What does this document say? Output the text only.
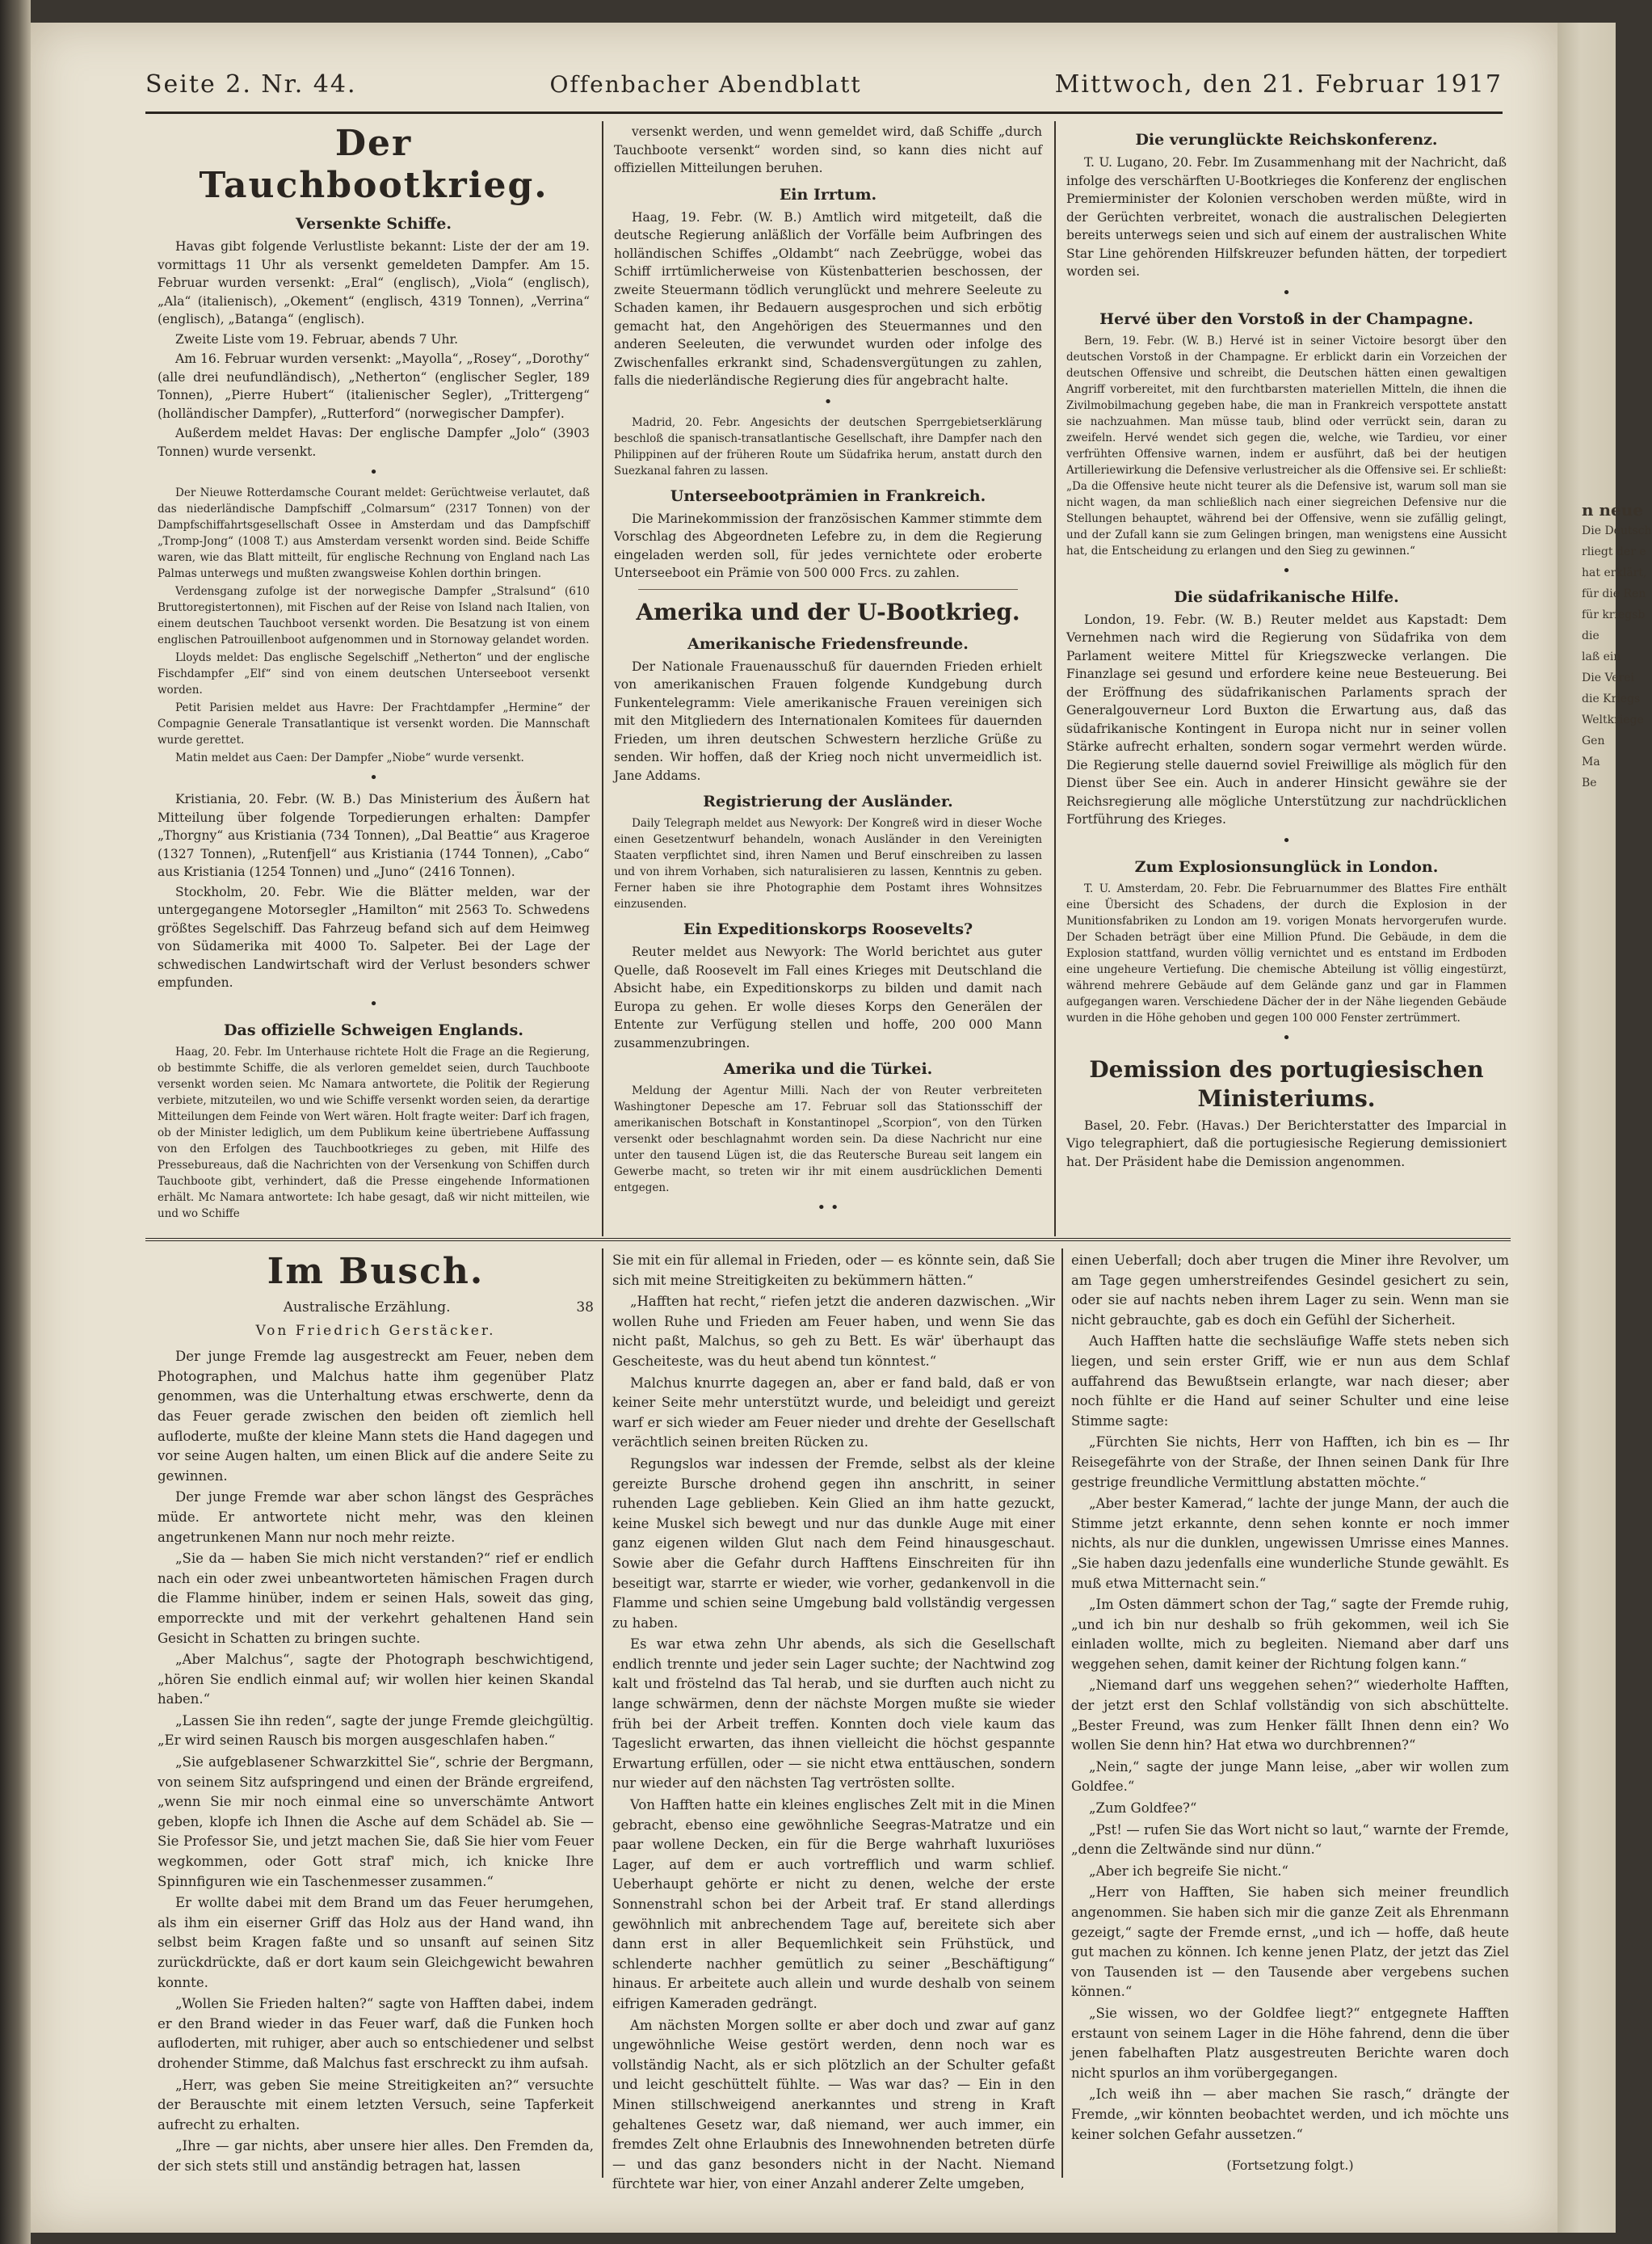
Seite 2. Nr. 44.	Offenbacher Abendblatt	Mittwoch, den 21. Februar 1917
Der Tauchbootkrieg.
Versenkte Schiffe.

Havas gibt folgende Verlustliste bekannt: Liste der der am 19. vormittags 11 Uhr als versenkt gemeldeten Dampfer. Am 15. Februar wurden versenkt: „Eral“ (englisch), „Viola“ (englisch), „Ala“ (italienisch), „Okement“ (englisch, 4319 Tonnen), „Verrina“ (englisch), „Batanga“ (englisch).

Zweite Liste vom 19. Februar, abends 7 Uhr.

Am 16. Februar wurden versenkt: „Mayolla“, „Rosey“, „Dorothy“ (alle drei neufundländisch), „Netherton“ (englischer Segler, 189 Tonnen), „Pierre Hubert“ (italienischer Segler), „Trittergeng“ (holländischer Dampfer), „Rutterford“ (norwegischer Dampfer).

Außerdem meldet Havas: Der englische Dampfer „Jolo“ (3903 Tonnen) wurde versenkt.

•

Der Nieuwe Rotterdamsche Courant meldet: Gerüchtweise verlautet, daß das niederländische Dampfschiff „Colmarsum“ (2317 Tonnen) von der Dampfschiffahrtsgesellschaft Ossee in Amsterdam und das Dampfschiff „Tromp-Jong“ (1008 T.) aus Amsterdam versenkt worden sind. Beide Schiffe waren, wie das Blatt mitteilt, für englische Rechnung von England nach Las Palmas unterwegs und mußten zwangsweise Kohlen dorthin bringen.

Verdensgang zufolge ist der norwegische Dampfer „Stralsund“ (610 Bruttoregistertonnen), mit Fischen auf der Reise von Island nach Italien, von einem deutschen Tauchboot versenkt worden. Die Besatzung ist von einem englischen Patrouillenboot aufgenommen und in Stornoway gelandet worden.

Lloyds meldet: Das englische Segelschiff „Netherton“ und der englische Fischdampfer „Elf“ sind von einem deutschen Unterseeboot versenkt worden.

Petit Parisien meldet aus Havre: Der Frachtdampfer „Hermine“ der Compagnie Generale Transatlantique ist versenkt worden. Die Mannschaft wurde gerettet.

Matin meldet aus Caen: Der Dampfer „Niobe“ wurde versenkt.

•

Kristiania, 20. Febr. (W. B.) Das Ministerium des Äußern hat Mitteilung über folgende Torpedierungen erhalten: Dampfer „Thorgny“ aus Kristiania (734 Tonnen), „Dal Beattie“ aus Krageroe (1327 Tonnen), „Rutenfjell“ aus Kristiania (1744 Tonnen), „Cabo“ aus Kristiania (1254 Tonnen) und „Juno“ (2416 Tonnen).

Stockholm, 20. Febr. Wie die Blätter melden, war der untergegangene Motorsegler „Hamilton“ mit 2563 To. Schwedens größtes Segelschiff. Das Fahrzeug befand sich auf dem Heimweg von Südamerika mit 4000 To. Salpeter. Bei der Lage der schwedischen Landwirtschaft wird der Verlust besonders schwer empfunden.

•
Das offizielle Schweigen Englands.

Haag, 20. Febr. Im Unterhause richtete Holt die Frage an die Regierung, ob bestimmte Schiffe, die als verloren gemeldet seien, durch Tauchboote versenkt worden seien. Mc Namara antwortete, die Politik der Regierung verbiete, mitzuteilen, wo und wie Schiffe versenkt worden seien, da derartige Mitteilungen dem Feinde von Wert wären. Holt fragte weiter: Darf ich fragen, ob der Minister lediglich, um dem Publikum keine übertriebene Auffassung von den Erfolgen des Tauchbootkrieges zu geben, mit Hilfe des Pressebureaus, daß die Nachrichten von der Versenkung von Schiffen durch Tauchboote gibt, verhindert, daß die Presse eingehende Informationen erhält. Mc Namara antwortete: Ich habe gesagt, daß wir nicht mitteilen, wie und wo Schiffe

versenkt werden, und wenn gemeldet wird, daß Schiffe „durch Tauchboote versenkt“ worden sind, so kann dies nicht auf offiziellen Mitteilungen beruhen.

Ein Irrtum.

Haag, 19. Febr. (W. B.) Amtlich wird mitgeteilt, daß die deutsche Regierung anläßlich der Vorfälle beim Aufbringen des holländischen Schiffes „Oldambt“ nach Zeebrügge, wobei das Schiff irrtümlicherweise von Küstenbatterien beschossen, der zweite Steuermann tödlich verunglückt und mehrere Seeleute zu Schaden kamen, ihr Bedauern ausgesprochen und sich erbötig gemacht hat, den Angehörigen des Steuermannes und den anderen Seeleuten, die verwundet wurden oder infolge des Zwischenfalles erkrankt sind, Schadensvergütungen zu zahlen, falls die niederländische Regierung dies für angebracht halte.

•

Madrid, 20. Febr. Angesichts der deutschen Sperrgebietserklärung beschloß die spanisch-transatlantische Gesellschaft, ihre Dampfer nach den Philippinen auf der früheren Route um Südafrika herum, anstatt durch den Suezkanal fahren zu lassen.

Unterseebootprämien in Frankreich.

Die Marinekommission der französischen Kammer stimmte dem Vorschlag des Abgeordneten Lefebre zu, in dem die Regierung eingeladen werden soll, für jedes vernichtete oder eroberte Unterseeboot ein Prämie von 500 000 Frcs. zu zahlen.

Amerika und der U-Bootkrieg.
Amerikanische Friedensfreunde.

Der Nationale Frauenausschuß für dauernden Frieden erhielt von amerikanischen Frauen folgende Kundgebung durch Funkentelegramm: Viele amerikanische Frauen vereinigen sich mit den Mitgliedern des Internationalen Komitees für dauernden Frieden, um ihren deutschen Schwestern herzliche Grüße zu senden. Wir hoffen, daß der Krieg noch nicht unvermeidlich ist. Jane Addams.

Registrierung der Ausländer.

Daily Telegraph meldet aus Newyork: Der Kongreß wird in dieser Woche einen Gesetzentwurf behandeln, wonach Ausländer in den Vereinigten Staaten verpflichtet sind, ihren Namen und Beruf einschreiben zu lassen und von ihrem Vorhaben, sich naturalisieren zu lassen, Kenntnis zu geben. Ferner haben sie ihre Photographie dem Postamt ihres Wohnsitzes einzusenden.

Ein Expeditionskorps Roosevelts?

Reuter meldet aus Newyork: The World berichtet aus guter Quelle, daß Roosevelt im Fall eines Krieges mit Deutschland die Absicht habe, ein Expeditionskorps zu bilden und damit nach Europa zu gehen. Er wolle dieses Korps den Generälen der Entente zur Verfügung stellen und hoffe, 200 000 Mann zusammenzubringen.

Amerika und die Türkei.

Meldung der Agentur Milli. Nach der von Reuter verbreiteten Washingtoner Depesche am 17. Februar soll das Stationsschiff der amerikanischen Botschaft in Konstantinopel „Scorpion“, von den Türken versenkt oder beschlagnahmt worden sein. Da diese Nachricht nur eine unter den tausend Lügen ist, die das Reutersche Bureau seit langem ein Gewerbe macht, so treten wir ihr mit einem ausdrücklichen Dementi entgegen.

• •
Die verunglückte Reichskonferenz.

T. U. Lugano, 20. Febr. Im Zusammenhang mit der Nachricht, daß infolge des verschärften U-Bootkrieges die Konferenz der englischen Premierminister der Kolonien verschoben werden müßte, wird in der Gerüchten verbreitet, wonach die australischen Delegierten bereits unterwegs seien und sich auf einem der australischen White Star Line gehörenden Hilfskreuzer befunden hätten, der torpediert worden sei.

•
Hervé über den Vorstoß in der Champagne.

Bern, 19. Febr. (W. B.) Hervé ist in seiner Victoire besorgt über den deutschen Vorstoß in der Champagne. Er erblickt darin ein Vorzeichen der deutschen Offensive und schreibt, die Deutschen hätten einen gewaltigen Angriff vorbereitet, mit den furchtbarsten materiellen Mitteln, die ihnen die Zivilmobilmachung gegeben habe, die man in Frankreich verspottete anstatt sie nachzuahmen. Man müsse taub, blind oder verrückt sein, daran zu zweifeln. Hervé wendet sich gegen die, welche, wie Tardieu, vor einer verfrühten Offensive warnen, indem er ausführt, daß bei der heutigen Artilleriewirkung die Defensive verlustreicher als die Offensive sei. Er schließt: „Da die Offensive heute nicht teurer als die Defensive ist, warum soll man sie nicht wagen, da man schließlich nach einer siegreichen Defensive nur die Stellungen behauptet, während bei der Offensive, wenn sie zufällig gelingt, und der Zufall kann sie zum Gelingen bringen, man wenigstens eine Aussicht hat, die Entscheidung zu erlangen und den Sieg zu gewinnen.“

•
Die südafrikanische Hilfe.

London, 19. Febr. (W. B.) Reuter meldet aus Kapstadt: Dem Vernehmen nach wird die Regierung von Südafrika von dem Parlament weitere Mittel für Kriegszwecke verlangen. Die Finanzlage sei gesund und erfordere keine neue Besteuerung. Bei der Eröffnung des südafrikanischen Parlaments sprach der Generalgouverneur Lord Buxton die Erwartung aus, daß das südafrikanische Kontingent in Europa nicht nur in seiner vollen Stärke aufrecht erhalten, sondern sogar vermehrt werden würde. Die Regierung stelle dauernd soviel Freiwillige als möglich für den Dienst über See ein. Auch in anderer Hinsicht gewähre sie der Reichsregierung alle mögliche Unterstützung zur nachdrücklichen Fortführung des Krieges.

•
Zum Explosionsunglück in London.

T. U. Amsterdam, 20. Febr. Die Februarnummer des Blattes Fire enthält eine Übersicht des Schadens, der durch die Explosion in der Munitionsfabriken zu London am 19. vorigen Monats hervorgerufen wurde. Der Schaden beträgt über eine Million Pfund. Die Gebäude, in dem die Explosion stattfand, wurden völlig vernichtet und es entstand im Erdboden eine ungeheure Vertiefung. Die chemische Abteilung ist völlig eingestürzt, während mehrere Gebäude auf dem Gelände ganz und gar in Flammen aufgegangen waren. Verschiedene Dächer der in der Nähe liegenden Gebäude wurden in die Höhe gehoben und gegen 100 000 Fenster zertrümmert.

•
Demission des portugiesischen Ministeriums.

Basel, 20. Febr. (Havas.) Der Berichterstatter des Imparcial in Vigo telegraphiert, daß die portugiesische Regierung demissioniert hat. Der Präsident habe die Demission angenommen.

Im Busch.
Australische Erzählung.	38
Von Friedrich Gerstäcker.

Der junge Fremde lag ausgestreckt am Feuer, neben dem Photographen, und Malchus hatte ihm gegenüber Platz genommen, was die Unterhaltung etwas erschwerte, denn da das Feuer gerade zwischen den beiden oft ziemlich hell aufloderte, mußte der kleine Mann stets die Hand dagegen und vor seine Augen halten, um einen Blick auf die andere Seite zu gewinnen.

Der junge Fremde war aber schon längst des Gespräches müde. Er antwortete nicht mehr, was den kleinen angetrunkenen Mann nur noch mehr reizte.

„Sie da — haben Sie mich nicht verstanden?“ rief er endlich nach ein oder zwei unbeantworteten hämischen Fragen durch die Flamme hinüber, indem er seinen Hals, soweit das ging, emporreckte und mit der verkehrt gehaltenen Hand sein Gesicht in Schatten zu bringen suchte.

„Aber Malchus“, sagte der Photograph beschwichtigend, „hören Sie endlich einmal auf; wir wollen hier keinen Skandal haben.“

„Lassen Sie ihn reden“, sagte der junge Fremde gleichgültig. „Er wird seinen Rausch bis morgen ausgeschlafen haben.“

„Sie aufgeblasener Schwarzkittel Sie“, schrie der Bergmann, von seinem Sitz aufspringend und einen der Brände ergreifend, „wenn Sie mir noch einmal eine so unverschämte Antwort geben, klopfe ich Ihnen die Asche auf dem Schädel ab. Sie — Sie Professor Sie, und jetzt machen Sie, daß Sie hier vom Feuer wegkommen, oder Gott straf' mich, ich knicke Ihre Spinnfiguren wie ein Taschenmesser zusammen.“

Er wollte dabei mit dem Brand um das Feuer herumgehen, als ihm ein eiserner Griff das Holz aus der Hand wand, ihn selbst beim Kragen faßte und so unsanft auf seinen Sitz zurückdrückte, daß er dort kaum sein Gleichgewicht bewahren konnte.

„Wollen Sie Frieden halten?“ sagte von Hafften dabei, indem er den Brand wieder in das Feuer warf, daß die Funken hoch aufloderten, mit ruhiger, aber auch so entschiedener und selbst drohender Stimme, daß Malchus fast erschreckt zu ihm aufsah.

„Herr, was geben Sie meine Streitigkeiten an?“ versuchte der Berauschte mit einem letzten Versuch, seine Tapferkeit aufrecht zu erhalten.

„Ihre — gar nichts, aber unsere hier alles. Den Fremden da, der sich stets still und anständig betragen hat, lassen

Sie mit ein für allemal in Frieden, oder — es könnte sein, daß Sie sich mit meine Streitigkeiten zu bekümmern hätten.“

„Hafften hat recht,“ riefen jetzt die anderen dazwischen. „Wir wollen Ruhe und Frieden am Feuer haben, und wenn Sie das nicht paßt, Malchus, so geh zu Bett. Es wär' überhaupt das Gescheiteste, was du heut abend tun könntest.“

Malchus knurrte dagegen an, aber er fand bald, daß er von keiner Seite mehr unterstützt wurde, und beleidigt und gereizt warf er sich wieder am Feuer nieder und drehte der Gesellschaft verächtlich seinen breiten Rücken zu.

Regungslos war indessen der Fremde, selbst als der kleine gereizte Bursche drohend gegen ihn anschritt, in seiner ruhenden Lage geblieben. Kein Glied an ihm hatte gezuckt, keine Muskel sich bewegt und nur das dunkle Auge mit einer ganz eigenen wilden Glut nach dem Feind hinausgeschaut. Sowie aber die Gefahr durch Hafftens Einschreiten für ihn beseitigt war, starrte er wieder, wie vorher, gedankenvoll in die Flamme und schien seine Umgebung bald vollständig vergessen zu haben.

Es war etwa zehn Uhr abends, als sich die Gesellschaft endlich trennte und jeder sein Lager suchte; der Nachtwind zog kalt und fröstelnd das Tal herab, und sie durften auch nicht zu lange schwärmen, denn der nächste Morgen mußte sie wieder früh bei der Arbeit treffen. Konnten doch viele kaum das Tageslicht erwarten, das ihnen vielleicht die höchst gespannte Erwartung erfüllen, oder — sie nicht etwa enttäuschen, sondern nur wieder auf den nächsten Tag vertrösten sollte.

Von Hafften hatte ein kleines englisches Zelt mit in die Minen gebracht, ebenso eine gewöhnliche Seegras-Matratze und ein paar wollene Decken, ein für die Berge wahrhaft luxuriöses Lager, auf dem er auch vortrefflich und warm schlief. Ueberhaupt gehörte er nicht zu denen, welche der erste Sonnenstrahl schon bei der Arbeit traf. Er stand allerdings gewöhnlich mit anbrechendem Tage auf, bereitete sich aber dann erst in aller Bequemlichkeit sein Frühstück, und schlenderte nachher gemütlich zu seiner „Beschäftigung“ hinaus. Er arbeitete auch allein und wurde deshalb von seinem eifrigen Kameraden gedrängt.

Am nächsten Morgen sollte er aber doch und zwar auf ganz ungewöhnliche Weise gestört werden, denn noch war es vollständig Nacht, als er sich plötzlich an der Schulter gefaßt und leicht geschüttelt fühlte. — Was war das? — Ein in den Minen stillschweigend anerkanntes und streng in Kraft gehaltenes Gesetz war, daß niemand, wer auch immer, ein fremdes Zelt ohne Erlaubnis des Innewohnenden betreten dürfe — und das ganz besonders nicht in der Nacht. Niemand fürchtete war hier, von einer Anzahl anderer Zelte umgeben,

einen Ueberfall; doch aber trugen die Miner ihre Revolver, um am Tage gegen umherstreifendes Gesindel gesichert zu sein, oder sie auf nachts neben ihrem Lager zu sein. Wenn man sie nicht gebrauchte, gab es doch ein Gefühl der Sicherheit.

Auch Hafften hatte die sechsläufige Waffe stets neben sich liegen, und sein erster Griff, wie er nun aus dem Schlaf auffahrend das Bewußtsein erlangte, war nach dieser; aber noch fühlte er die Hand auf seiner Schulter und eine leise Stimme sagte:

„Fürchten Sie nichts, Herr von Hafften, ich bin es — Ihr Reisegefährte von der Straße, der Ihnen seinen Dank für Ihre gestrige freundliche Vermittlung abstatten möchte.“

„Aber bester Kamerad,“ lachte der junge Mann, der auch die Stimme jetzt erkannte, denn sehen konnte er noch immer nichts, als nur die dunklen, ungewissen Umrisse eines Mannes. „Sie haben dazu jedenfalls eine wunderliche Stunde gewählt. Es muß etwa Mitternacht sein.“

„Im Osten dämmert schon der Tag,“ sagte der Fremde ruhig, „und ich bin nur deshalb so früh gekommen, weil ich Sie einladen wollte, mich zu begleiten. Niemand aber darf uns weggehen sehen, damit keiner der Richtung folgen kann.“

„Niemand darf uns weggehen sehen?“ wiederholte Hafften, der jetzt erst den Schlaf vollständig von sich abschüttelte. „Bester Freund, was zum Henker fällt Ihnen denn ein? Wo wollen Sie denn hin? Hat etwa wo durchbrennen?“

„Nein,“ sagte der junge Mann leise, „aber wir wollen zum Goldfee.“

„Zum Goldfee?“

„Pst! — rufen Sie das Wort nicht so laut,“ warnte der Fremde, „denn die Zeltwände sind nur dünn.“

„Aber ich begreife Sie nicht.“

„Herr von Hafften, Sie haben sich meiner freundlich angenommen. Sie haben sich mir die ganze Zeit als Ehrenmann gezeigt,“ sagte der Fremde ernst, „und ich — hoffe, daß heute gut machen zu können. Ich kenne jenen Platz, der jetzt das Ziel von Tausenden ist — den Tausende aber vergebens suchen können.“

„Sie wissen, wo der Goldfee liegt?“ entgegnete Hafften erstaunt von seinem Lager in die Höhe fahrend, denn die über jenen fabelhaften Platz ausgestreuten Berichte waren doch nicht spurlos an ihm vorübergegangen.

„Ich weiß ihn — aber machen Sie rasch,“ drängte der Fremde, „wir könnten beobachtet werden, und ich möchte uns keiner solchen Gefahr aussetzen.“

(Fortsetzung folgt.)
n neue
Die Deutsch
rliegt der e
hat erklärt,
für die Ren
für kriegsb
die
laß ein
Die Verei
die Kriegs
Weltkriege
Gen
Ma
Be
